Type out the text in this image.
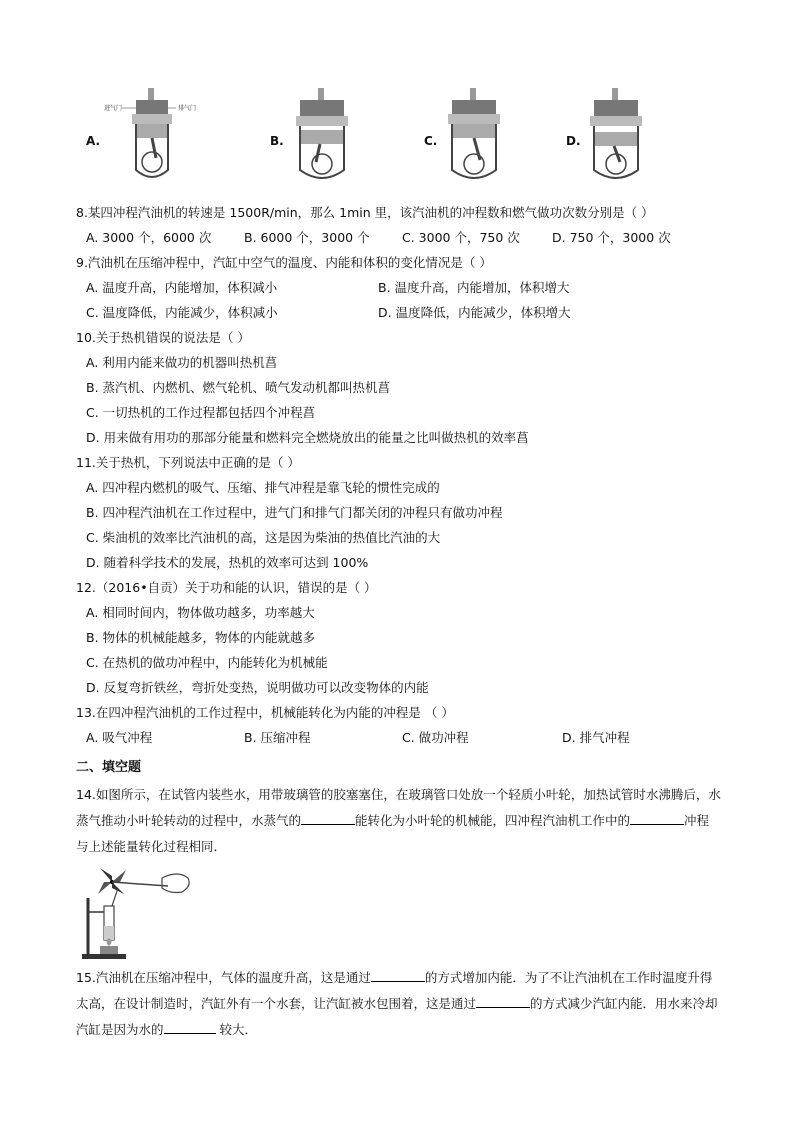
A.
进气门	排气门
B.	C.	D.
8.某四冲程汽油机的转速是 1500R/min，那么 1min 里，该汽油机的冲程数和燃气做功次数分别是（ ）
A. 3000 个，6000 次	B. 6000 个，3000 个	C. 3000 个，750 次	D. 750 个，3000 次
9.汽油机在压缩冲程中，汽缸中空气的温度、内能和体积的变化情况是（ ）
A. 温度升高，内能增加，体积减小	B. 温度升高，内能增加，体积增大
C. 温度降低，内能减少，体积减小	D. 温度降低，内能减少，体积增大
10.关于热机错误的说法是（ ）
A. 利用内能来做功的机器叫热机菖
B. 蒸汽机、内燃机、燃气轮机、喷气发动机都叫热机菖
C. 一切热机的工作过程都包括四个冲程菖
D. 用来做有用功的那部分能量和燃料完全燃烧放出的能量之比叫做热机的效率菖
11.关于热机，下列说法中正确的是（ ）
A. 四冲程内燃机的吸气、压缩、排气冲程是靠飞轮的惯性完成的
B. 四冲程汽油机在工作过程中，进气门和排气门都关闭的冲程只有做功冲程
C. 柴油机的效率比汽油机的高，这是因为柴油的热值比汽油的大
D. 随着科学技术的发展，热机的效率可达到 100%
12.（2016•自贡）关于功和能的认识，错误的是（ ）
A. 相同时间内，物体做功越多，功率越大
B. 物体的机械能越多，物体的内能就越多
C. 在热机的做功冲程中，内能转化为机械能
D. 反复弯折铁丝，弯折处变热，说明做功可以改变物体的内能
13.在四冲程汽油机的工作过程中，机械能转化为内能的冲程是 （ ）
A. 吸气冲程	B. 压缩冲程	C. 做功冲程	D. 排气冲程
二、填空题
14.如图所示，在试管内装些水，用带玻璃管的胶塞塞住，在玻璃管口处放一个轻质小叶轮，加热试管时水沸腾后，水蒸气推动小叶轮转动的过程中，水蒸气的	能转化为小叶轮的机械能，四冲程汽油机工作中的	冲程与上述能量转化过程相同．
15.汽油机在压缩冲程中，气体的温度升高，这是通过	的方式增加内能．为了不让汽油机在工作时温度升得太高，在设计制造时，汽缸外有一个水套，让汽缸被水包围着，这是通过	的方式减少汽缸内能．用水来冷却汽缸是因为水的	较大．
